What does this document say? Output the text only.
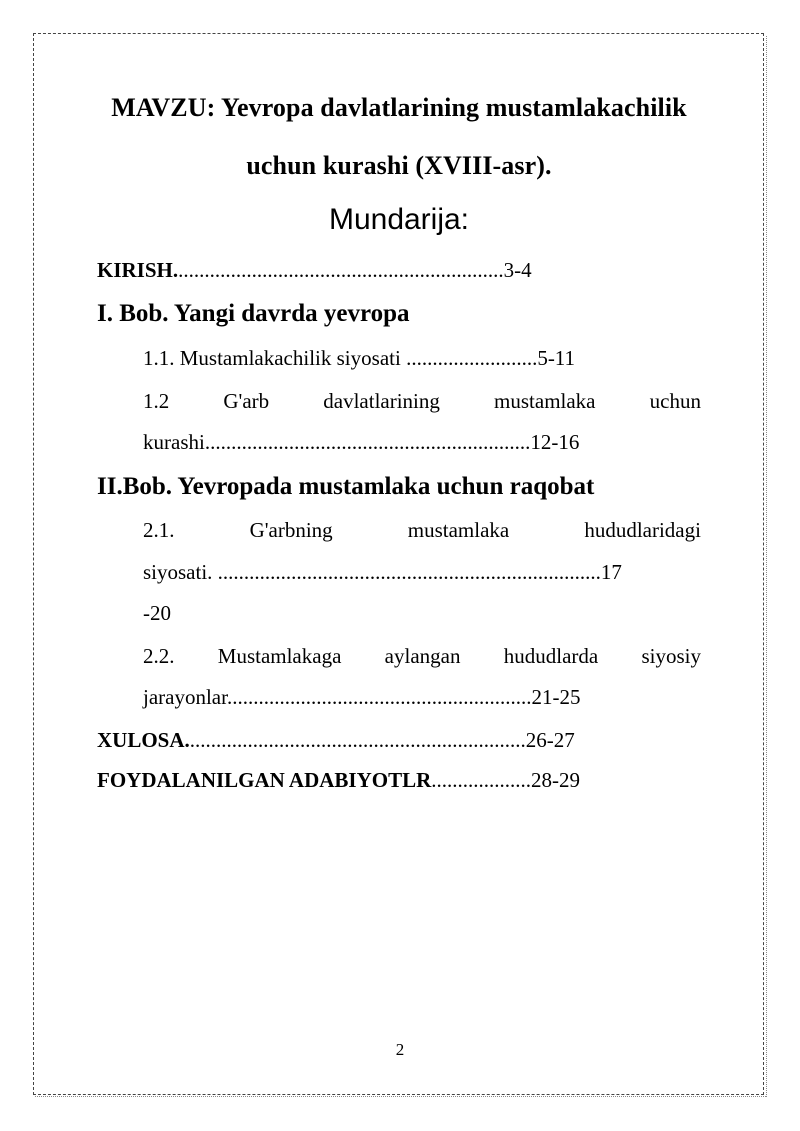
MAVZU: Yevropa davlatlarining mustamlakachilik
uchun kurashi (XVIII-asr).
Mundarija:
KIRISH...............................................................3-4
I. Bob. Yangi davrda yevropa
1.1. Mustamlakachilik siyosati .........................5-11
1.2	G'arb	davlatlarining	mustamlaka	uchun
kurashi..............................................................12-16
II.Bob. Yevropada mustamlaka uchun raqobat
2.1.	G'arbning	mustamlaka	hududlaridagi
siyosati. .........................................................................17
-20
2.2. Mustamlakaga aylangan hududlarda siyosiy
jarayonlar..........................................................21-25
XULOSA.................................................................26-27
FOYDALANILGAN ADABIYOTLR...................28-29
2
